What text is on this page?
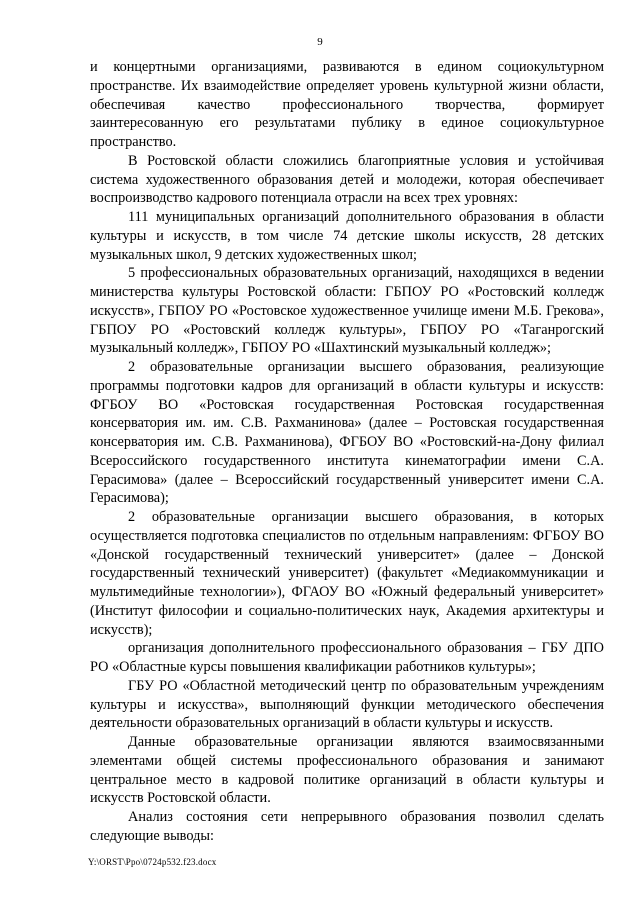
9

и концертными организациями, развиваются в едином социокультурном пространстве. Их взаимодействие определяет уровень культурной жизни области, обеспечивая качество профессионального творчества, формирует заинтересованную его результатами публику в единое социокультурное пространство.

В Ростовской области сложились благоприятные условия и устойчивая система художественного образования детей и молодежи, которая обеспечивает воспроизводство кадрового потенциала отрасли на всех трех уровнях:

111 муниципальных организаций дополнительного образования в области культуры и искусств, в том числе 74 детские школы искусств, 28 детских музыкальных школ, 9 детских художественных школ;

5 профессиональных образовательных организаций, находящихся в ведении министерства культуры Ростовской области: ГБПОУ РО «Ростовский колледж искусств», ГБПОУ РО «Ростовское художественное училище имени М.Б. Грекова», ГБПОУ РО «Ростовский колледж культуры», ГБПОУ РО «Таганрогский музыкальный колледж», ГБПОУ РО «Шахтинский музыкальный колледж»;

2 образовательные организации высшего образования, реализующие программы подготовки кадров для организаций в области культуры и искусств: ФГБОУ ВО «Ростовская государственная Ростовская государственная консерватория им. им. С.В. Рахманинова» (далее – Ростовская государственная консерватория им. С.В. Рахманинова), ФГБОУ ВО «Ростовский-на-Дону филиал Всероссийского государственного института кинематографии имени С.А. Герасимова» (далее – Всероссийский государственный университет имени С.А. Герасимова);

2 образовательные организации высшего образования, в которых осуществляется подготовка специалистов по отдельным направлениям: ФГБОУ ВО «Донской государственный технический университет» (далее – Донской государственный технический университет) (факультет «Медиакоммуникации и мультимедийные технологии»), ФГАОУ ВО «Южный федеральный университет» (Институт философии и социально-политических наук, Академия архитектуры и искусств);

организация дополнительного профессионального образования – ГБУ ДПО РО «Областные курсы повышения квалификации работников культуры»;

ГБУ РО «Областной методический центр по образовательным учреждениям культуры и искусства», выполняющий функции методического обеспечения деятельности образовательных организаций в области культуры и искусств.

Данные образовательные организации являются взаимосвязанными элементами общей системы профессионального образования и занимают центральное место в кадровой политике организаций в области культуры и искусств Ростовской области.

Анализ состояния сети непрерывного образования позволил сделать следующие выводы:

Y:\ORST\Ppo\0724p532.f23.docx
